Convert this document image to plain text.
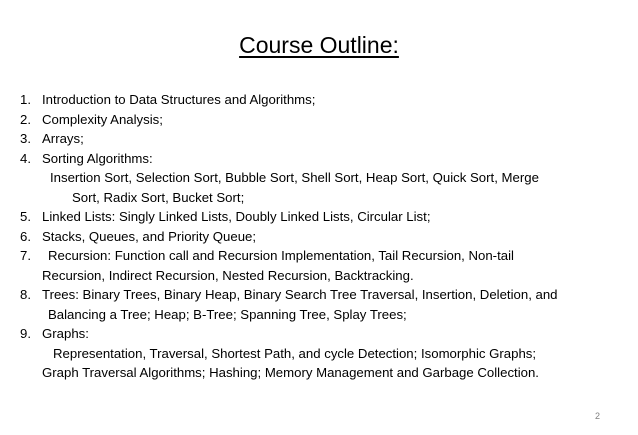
Course Outline:
1. Introduction to Data Structures and Algorithms;
2. Complexity Analysis;
3. Arrays;
4. Sorting Algorithms:
Insertion Sort, Selection Sort, Bubble Sort, Shell Sort, Heap Sort, Quick Sort, Merge
Sort, Radix Sort, Bucket Sort;
5. Linked Lists: Singly Linked Lists, Doubly Linked Lists, Circular List;
6. Stacks, Queues, and Priority Queue;
7. Recursion: Function call and Recursion Implementation, Tail Recursion, Non-tail
Recursion, Indirect Recursion, Nested Recursion, Backtracking.
8. Trees: Binary Trees, Binary Heap, Binary Search Tree Traversal, Insertion, Deletion, and
Balancing a Tree; Heap; B-Tree; Spanning Tree, Splay Trees;
9. Graphs:
Representation, Traversal, Shortest Path, and cycle Detection; Isomorphic Graphs;
Graph Traversal Algorithms; Hashing; Memory Management and Garbage Collection.
2
